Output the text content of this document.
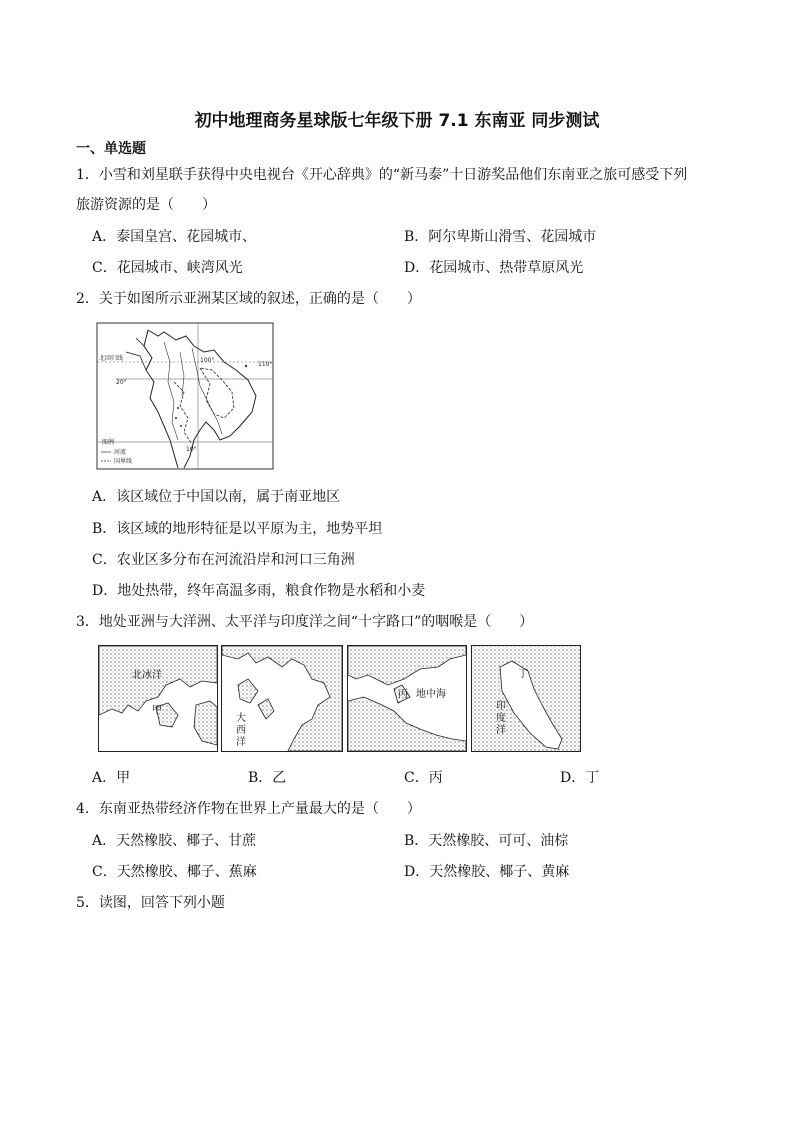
初中地理商务星球版七年级下册 7.1 东南亚 同步测试
一、单选题
1．小雪和刘星联手获得中央电视台《开心辞典》的“新马泰”十日游奖品他们东南亚之旅可感受下列
旅游资源的是（　　）
A．泰国皇宫、花园城市、	B．阿尔卑斯山滑雪、花园城市
C．花园城市、峡湾风光	D．花园城市、热带草原风光
2．关于如图所示亚洲某区域的叙述，正确的是（　　）
北回归线
110°
20°
100°
10°
图例
河流
国界线
A．该区域位于中国以南，属于南亚地区
B．该区域的地形特征是以平原为主，地势平坦
C．农业区多分布在河流沿岸和河口三角洲
D．地处热带，终年高温多雨，粮食作物是水稻和小麦
3．地处亚洲与大洋洲、太平洋与印度洋之间“十字路口”的咽喉是（　　）
北冰洋
甲
大
西
洋
丙 地中海
丁
印
度
洋
A．甲	B．乙	C．丙	D．丁
4．东南亚热带经济作物在世界上产量最大的是（　　）
A．天然橡胶、椰子、甘蔗	B．天然橡胶、可可、油棕
C．天然橡胶、椰子、蕉麻	D．天然橡胶、椰子、黄麻
5．读图，回答下列小题
